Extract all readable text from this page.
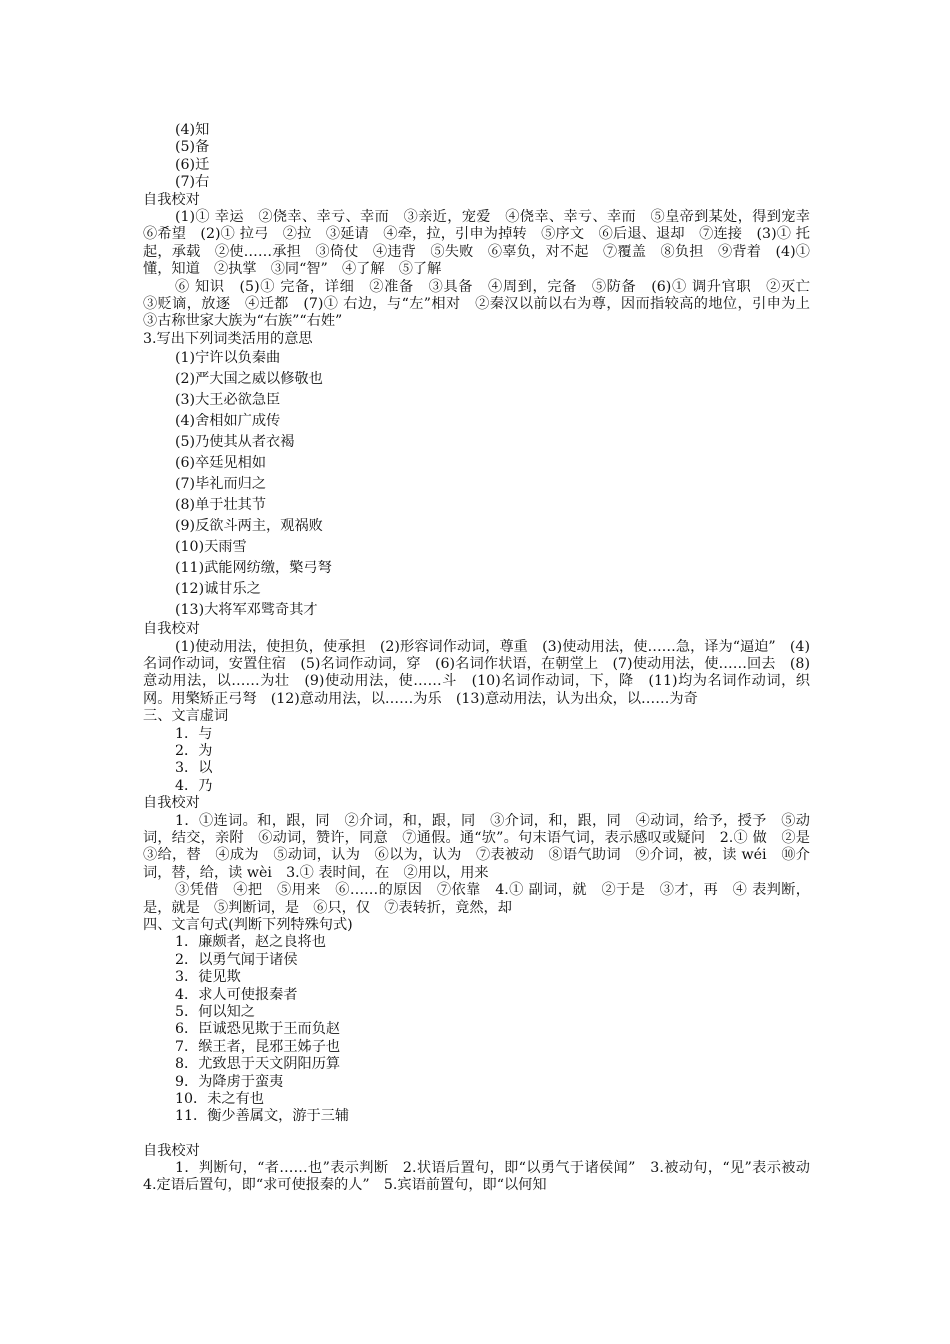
(4)知
(5)备
(6)迁
(7)右
自我校对
(1)① 幸运　②侥幸、幸亏、幸而　③亲近，宠爱　④侥幸、幸亏、幸而　⑤皇帝到某处，得到宠幸　⑥希望　(2)① 拉弓　②拉　③延请　④牵，拉，引申为掉转　⑤序文　⑥后退、退却　⑦连接　(3)① 托起，承载　②使……承担　③倚仗　④违背　⑤失败　⑥辜负，对不起　⑦覆盖　⑧负担　⑨背着　(4)① 懂，知道　②执掌　③同“智”　④了解　⑤了解
⑥ 知识　(5)① 完备，详细　②准备　③具备　④周到，完备　⑤防备　(6)① 调升官职　②灭亡　③贬谪，放逐　④迁都　(7)① 右边，与“左”相对　②秦汉以前以右为尊，因而指较高的地位，引申为上　③古称世家大族为“右族”“右姓”
3.写出下列词类活用的意思
(1)宁许以负秦曲
(2)严大国之威以修敬也
(3)大王必欲急臣
(4)舍相如广成传
(5)乃使其从者衣褐
(6)卒廷见相如
(7)毕礼而归之
(8)单于壮其节
(9)反欲斗两主，观祸败
(10)天雨雪
(11)武能网纺缴，檠弓弩
(12)诚甘乐之
(13)大将军邓骘奇其才
自我校对
(1)使动用法，使担负，使承担　(2)形容词作动词，尊重　(3)使动用法，使……急，译为“逼迫”　(4)名词作动词，安置住宿　(5)名词作动词，穿　(6)名词作状语，在朝堂上　(7)使动用法，使……回去　(8)意动用法，以……为壮　(9)使动用法，使……斗　(10)名词作动词，下，降　(11)均为名词作动词，织网。用檠矫正弓弩　(12)意动用法，以……为乐　(13)意动用法，认为出众，以……为奇
三、文言虚词
1．与
2．为
3．以
4．乃
自我校对
1．①连词。和，跟，同　②介词，和，跟，同　③介词，和，跟，同　④动词，给予，授予　⑤动词，结交，亲附　⑥动词，赞许，同意　⑦通假。通“欤”。句末语气词，表示感叹或疑问　2.① 做　②是　③给，替　④成为　⑤动词，认为　⑥以为，认为　⑦表被动　⑧语气助词　⑨介词，被，读 wéi　⑩介词，替，给，读 wèi　3.① 表时间，在　②用以，用来
③凭借　④把　⑤用来　⑥……的原因　⑦依靠　4.① 副词，就　②于是　③才，再　④ 表判断，是，就是　⑤判断词，是　⑥只，仅　⑦表转折，竟然，却
四、文言句式(判断下列特殊句式)
1．廉颇者，赵之良将也
2．以勇气闻于诸侯
3．徒见欺
4．求人可使报秦者
5．何以知之
6．臣诚恐见欺于王而负赵
7．缑王者，昆邪王姊子也
8．尤致思于天文阴阳历算
9．为降虏于蛮夷
10．未之有也
11．衡少善属文，游于三辅
自我校对
1．判断句，“者……也”表示判断　2.状语后置句，即“以勇气于诸侯闻”　3.被动句，“见”表示被动　4.定语后置句，即“求可使报秦的人”　5.宾语前置句，即“以何知
